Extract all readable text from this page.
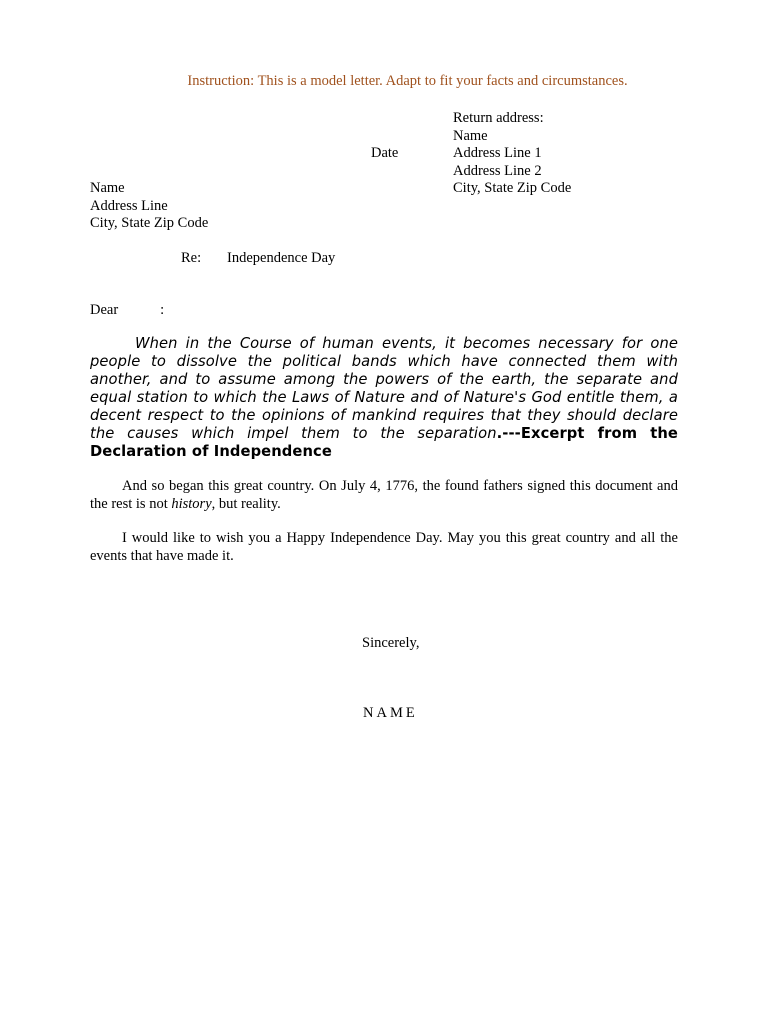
Instruction: This is a model letter. Adapt to fit your facts and circumstances.
Return address:
Name
Address Line 1
Address Line 2
City, State Zip Code
Date
Name
Address Line
City, State Zip Code
Re: Independence Day
Dear	:
When in the Course of human events, it becomes necessary for one people to dissolve the political bands which have connected them with another, and to assume among the powers of the earth, the separate and equal station to which the Laws of Nature and of Nature's God entitle them, a decent respect to the opinions of mankind requires that they should declare the causes which impel them to the separation.---Excerpt from the Declaration of Independence
And so began this great country. On July 4, 1776, the found fathers signed this document and the rest is not history, but reality.
I would like to wish you a Happy Independence Day. May you this great country and all the events that have made it.
Sincerely,
NAME
